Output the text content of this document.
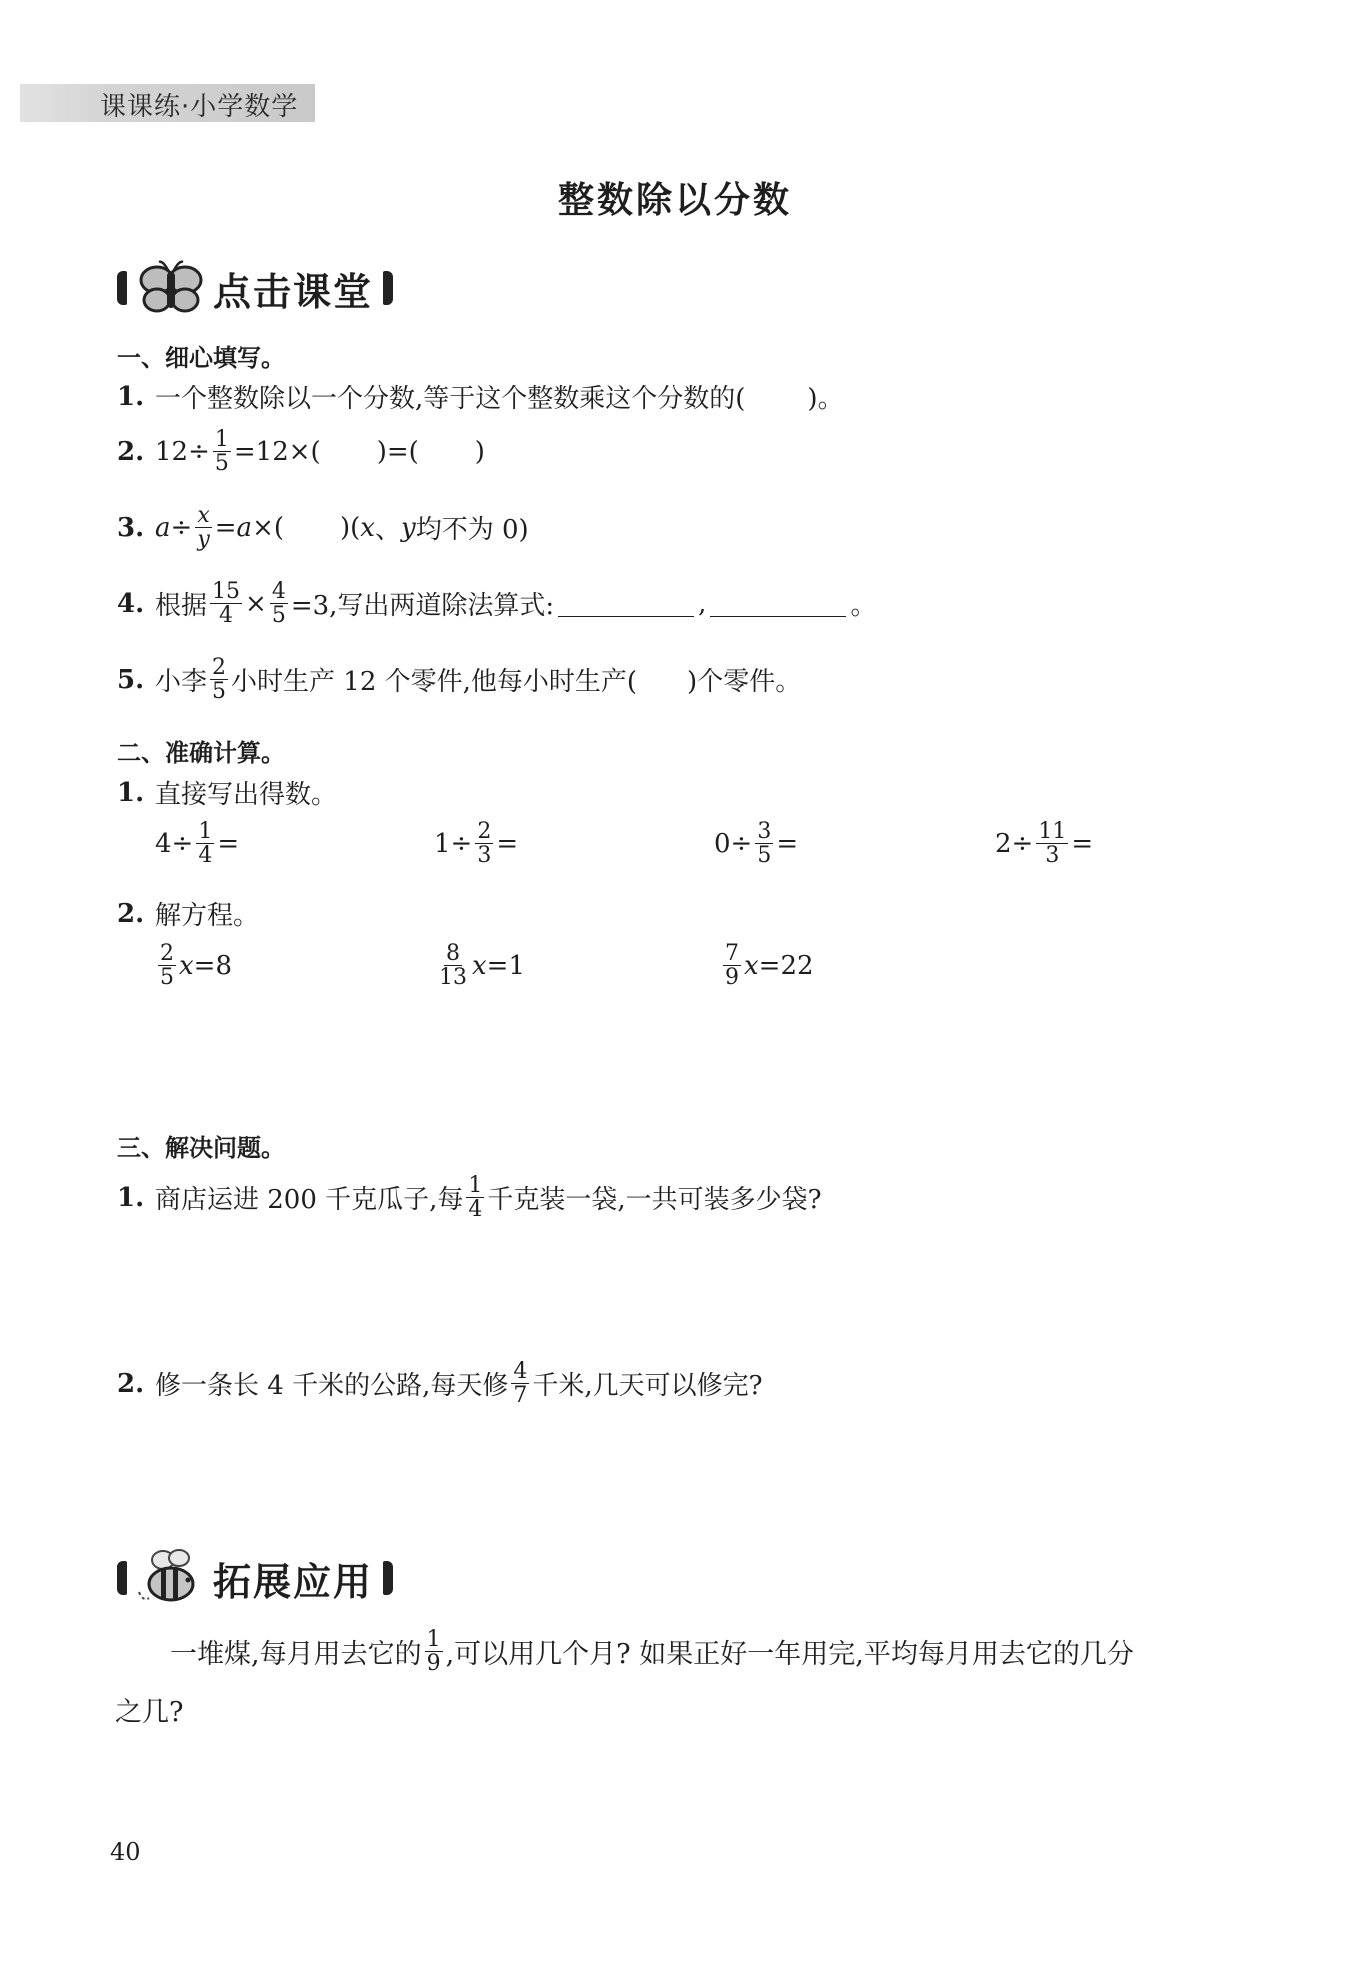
课课练·小学数学
整数除以分数
点击课堂
一、细心填写。
1. 一个整数除以一个分数,等于这个整数乘这个分数的( )。
2. $12\div \frac{1}{5} =12\times$( )=( )
3. $a \div \frac{x}{y} = a$ ×( )( x 、 y 均不为 0)
4. 根据 $\frac{15}{4} \times \frac{4}{5} =3$,写出两道除法算式:	,	。
5. 小李 $\frac{2}{5}$ 小时生产 12 个零件,他每小时生产( )个零件。
二、准确计算。
1. 直接写出得数。
$4\div \frac{1}{4}$ =	$1\div \frac{2}{3}$ =	$0\div \frac{3}{5}$ =	$2\div \frac{11}{3}$ =
2. 解方程。
$\frac{2}{5}$ x =8	$\frac{8}{13}$ x =1	$\frac{7}{9}$ x =22
三、解决问题。
1. 商店运进 200 千克瓜子,每 $\frac{1}{4}$ 千克装一袋,一共可装多少袋?
2. 修一条长 4 千米的公路,每天修 $\frac{4}{7}$ 千米,几天可以修完?
拓展应用
一堆煤,每月用去它的 $\frac{1}{9}$ ,可以用几个月? 如果正好一年用完,平均每月用去它的几分
之几?
40
